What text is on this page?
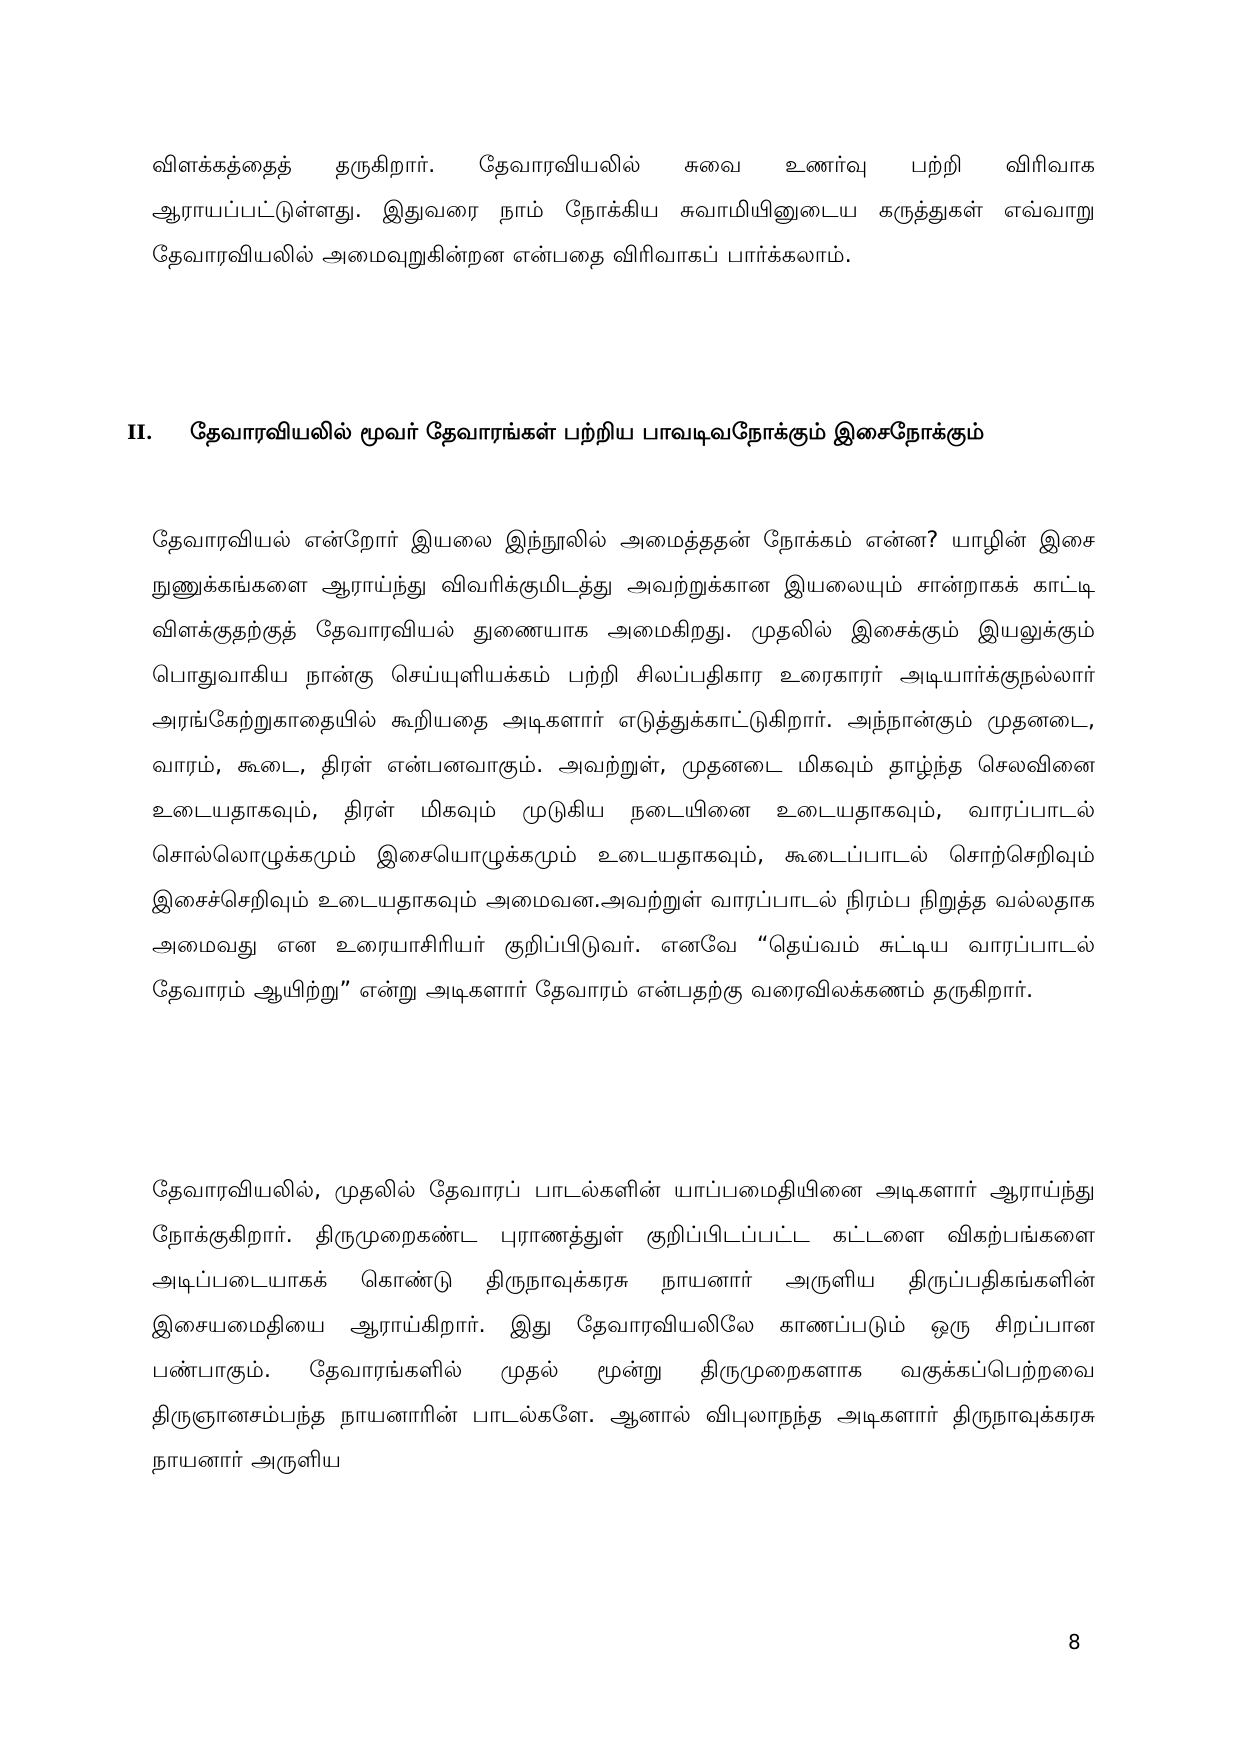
விளக்கத்தைத் தருகிறார். தேவாரவியலில் சுவை உணர்வு பற்றி விரிவாக ஆராயப்பட்டுள்ளது. இதுவரை நாம் நோக்கிய சுவாமியினுடைய கருத்துகள் எவ்வாறு தேவாரவியலில் அமைவுறுகின்றன என்பதை விரிவாகப் பார்க்கலாம்.

II. தேவாரவியலில் மூவர் தேவாரங்கள் பற்றிய பாவடிவநோக்கும் இசைநோக்கும்

தேவாரவியல் என்றோர் இயலை இந்நூலில் அமைத்ததன் நோக்கம் என்ன? யாழின் இசை நுணுக்கங்களை ஆராய்ந்து விவரிக்குமிடத்து அவற்றுக்கான இயலையும் சான்றாகக் காட்டி விளக்குதற்குத் தேவாரவியல் துணையாக அமைகிறது. முதலில் இசைக்கும் இயலுக்கும் பொதுவாகிய நான்கு செய்யுளியக்கம் பற்றி சிலப்பதிகார உரைகாரர் அடியார்க்குநல்லார் அரங்கேற்றுகாதையில் கூறியதை அடிகளார் எடுத்துக்காட்டுகிறார். அந்நான்கும் முதனடை, வாரம், கூடை, திரள் என்பனவாகும். அவற்றுள், முதனடை மிகவும் தாழ்ந்த செலவினை உடையதாகவும், திரள் மிகவும் முடுகிய நடையினை உடையதாகவும், வாரப்பாடல் சொல்லொழுக்கமும் இசையொழுக்கமும் உடையதாகவும், கூடைப்பாடல் சொற்செறிவும் இசைச்செறிவும் உடையதாகவும் அமைவன.அவற்றுள் வாரப்பாடல் நிரம்ப நிறுத்த வல்லதாக அமைவது என உரையாசிரியர் குறிப்பிடுவர். எனவே “தெய்வம் சுட்டிய வாரப்பாடல் தேவாரம் ஆயிற்று” என்று அடிகளார் தேவாரம் என்பதற்கு வரைவிலக்கணம் தருகிறார்.

தேவாரவியலில், முதலில் தேவாரப் பாடல்களின் யாப்பமைதியினை அடிகளார் ஆராய்ந்து நோக்குகிறார். திருமுறைகண்ட புராணத்துள் குறிப்பிடப்பட்ட கட்டளை விகற்பங்களை அடிப்படையாகக் கொண்டு திருநாவுக்கரசு நாயனார் அருளிய திருப்பதிகங்களின் இசையமைதியை ஆராய்கிறார். இது தேவாரவியலிலே காணப்படும் ஒரு சிறப்பான பண்பாகும். தேவாரங்களில் முதல் மூன்று திருமுறைகளாக வகுக்கப்பெற்றவை திருஞானசம்பந்த நாயனாரின் பாடல்களே. ஆனால் விபுலாநந்த அடிகளார் திருநாவுக்கரசு நாயனார் அருளிய

8
